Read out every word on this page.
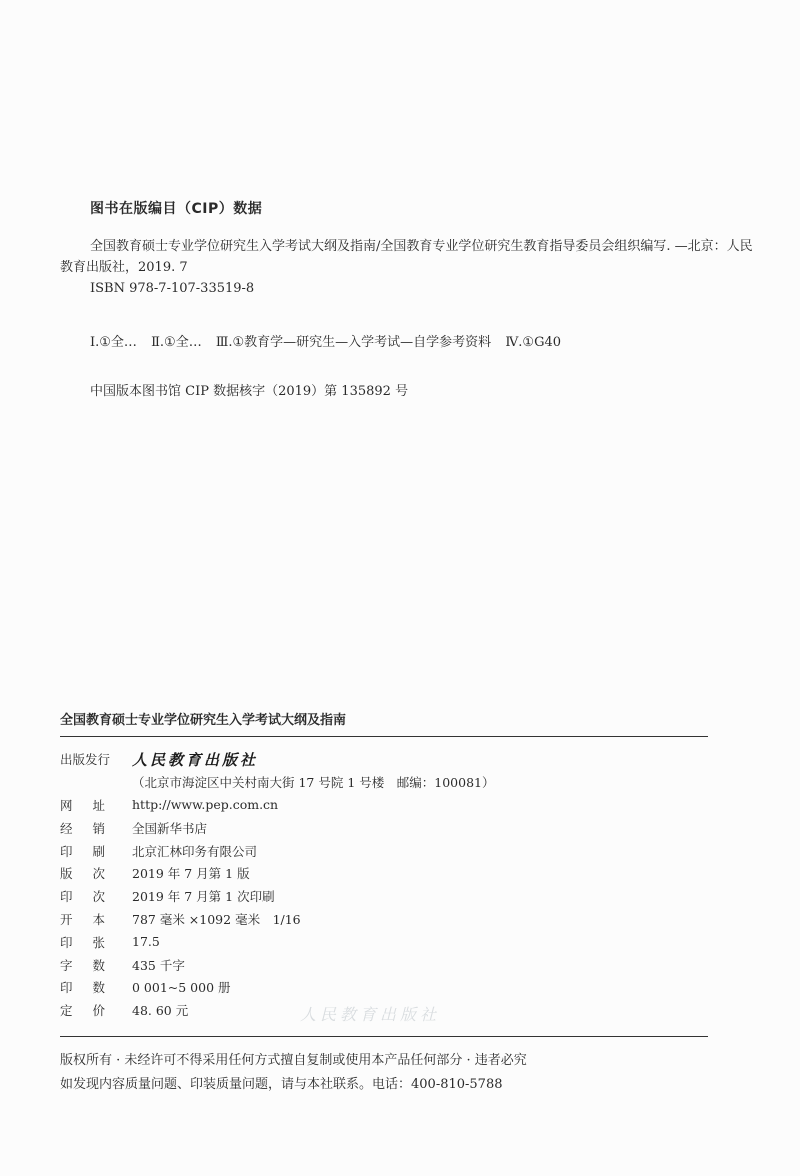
图书在版编目（CIP）数据
全国教育硕士专业学位研究生入学考试大纲及指南/全国教育专业学位研究生教育指导委员会组织编写. —北京：人民教育出版社，2019. 7
ISBN 978-7-107-33519-8
Ⅰ.①全… Ⅱ.①全… Ⅲ.①教育学—研究生—入学考试—自学参考资料 Ⅳ.①G40
中国版本图书馆 CIP 数据核字（2019）第 135892 号
全国教育硕士专业学位研究生入学考试大纲及指南
出版发行	人民教育出版社
（北京市海淀区中关村南大街 17 号院 1 号楼　邮编：100081）
网 址 http://www.pep.com.cn
经 销 全国新华书店
印 刷 北京汇林印务有限公司
版 次 2019 年 7 月第 1 版
印 次 2019 年 7 月第 1 次印刷
开 本 787 毫米 ×1092 毫米　1/16
印 张 17.5
字 数 435 千字
印 数 0 001~5 000 册
定 价 48. 60 元	人民教育出版社
版权所有 · 未经许可不得采用任何方式擅自复制或使用本产品任何部分 · 违者必究
如发现内容质量问题、印装质量问题，请与本社联系。电话：400-810-5788
